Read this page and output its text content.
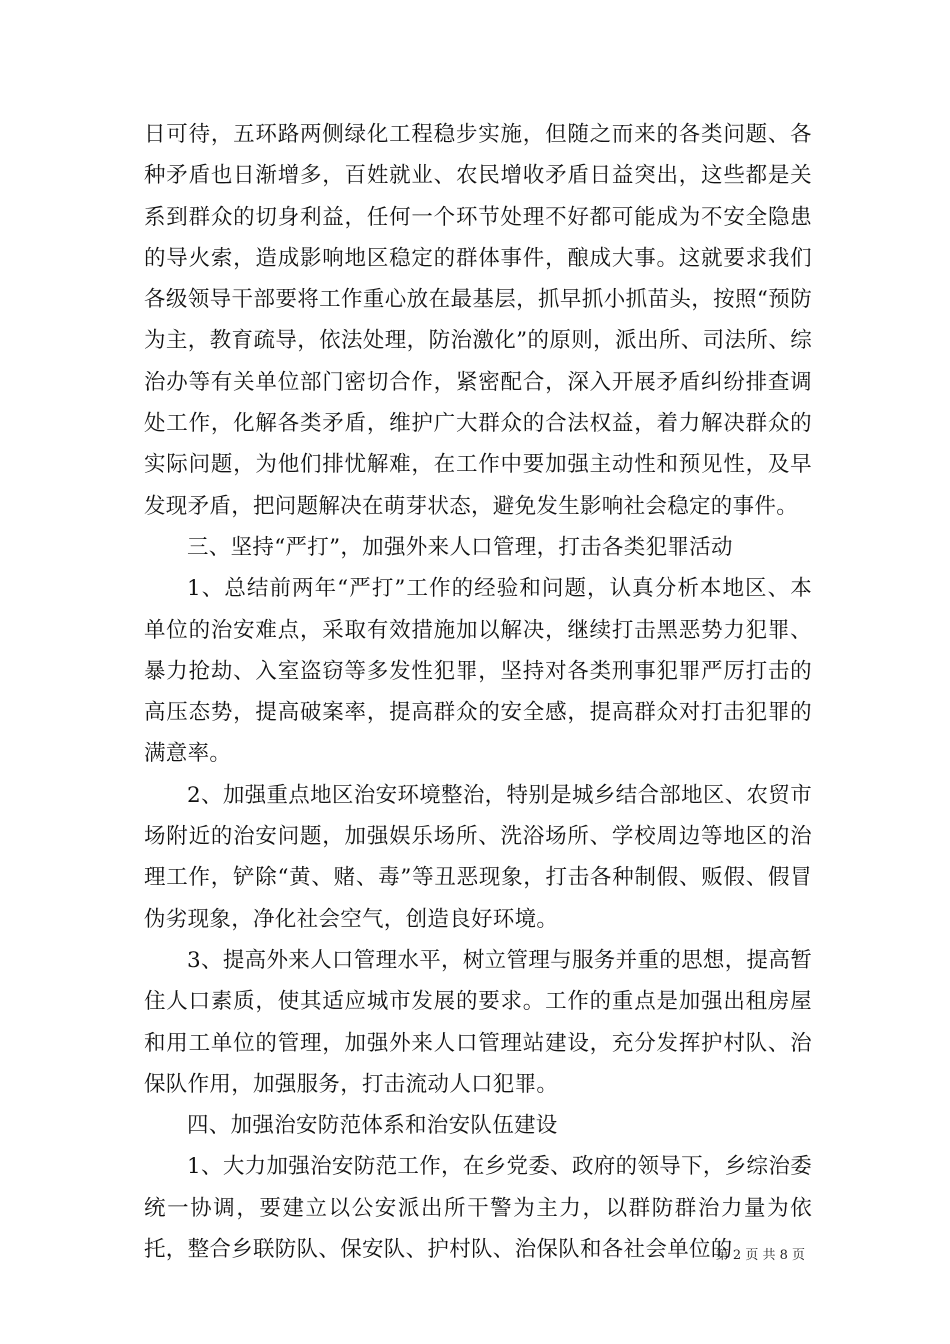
日可待，五环路两侧绿化工程稳步实施，但随之而来的各类问题、各种矛盾也日渐增多，百姓就业、农民增收矛盾日益突出，这些都是关系到群众的切身利益，任何一个环节处理不好都可能成为不安全隐患的导火索，造成影响地区稳定的群体事件，酿成大事。这就要求我们各级领导干部要将工作重心放在最基层，抓早抓小抓苗头，按照“预防为主，教育疏导，依法处理，防治激化”的原则，派出所、司法所、综治办等有关单位部门密切合作，紧密配合，深入开展矛盾纠纷排查调处工作，化解各类矛盾，维护广大群众的合法权益，着力解决群众的实际问题，为他们排忧解难，在工作中要加强主动性和预见性，及早发现矛盾，把问题解决在萌芽状态，避免发生影响社会稳定的事件。

三、坚持“严打”，加强外来人口管理，打击各类犯罪活动

1、总结前两年“严打”工作的经验和问题，认真分析本地区、本单位的治安难点，采取有效措施加以解决，继续打击黑恶势力犯罪、暴力抢劫、入室盗窃等多发性犯罪，坚持对各类刑事犯罪严厉打击的高压态势，提高破案率，提高群众的安全感，提高群众对打击犯罪的满意率。

2、加强重点地区治安环境整治，特别是城乡结合部地区、农贸市场附近的治安问题，加强娱乐场所、洗浴场所、学校周边等地区的治理工作，铲除“黄、赌、毒”等丑恶现象，打击各种制假、贩假、假冒伪劣现象，净化社会空气，创造良好环境。

3、提高外来人口管理水平，树立管理与服务并重的思想，提高暂住人口素质，使其适应城市发展的要求。工作的重点是加强出租房屋和用工单位的管理，加强外来人口管理站建设，充分发挥护村队、治保队作用，加强服务，打击流动人口犯罪。

四、加强治安防范体系和治安队伍建设

1、大力加强治安防范工作，在乡党委、政府的领导下，乡综治委统一协调，要建立以公安派出所干警为主力，以群防群治力量为依托，整合乡联防队、保安队、护村队、治保队和各社会单位的

第 2 页 共 8 页
